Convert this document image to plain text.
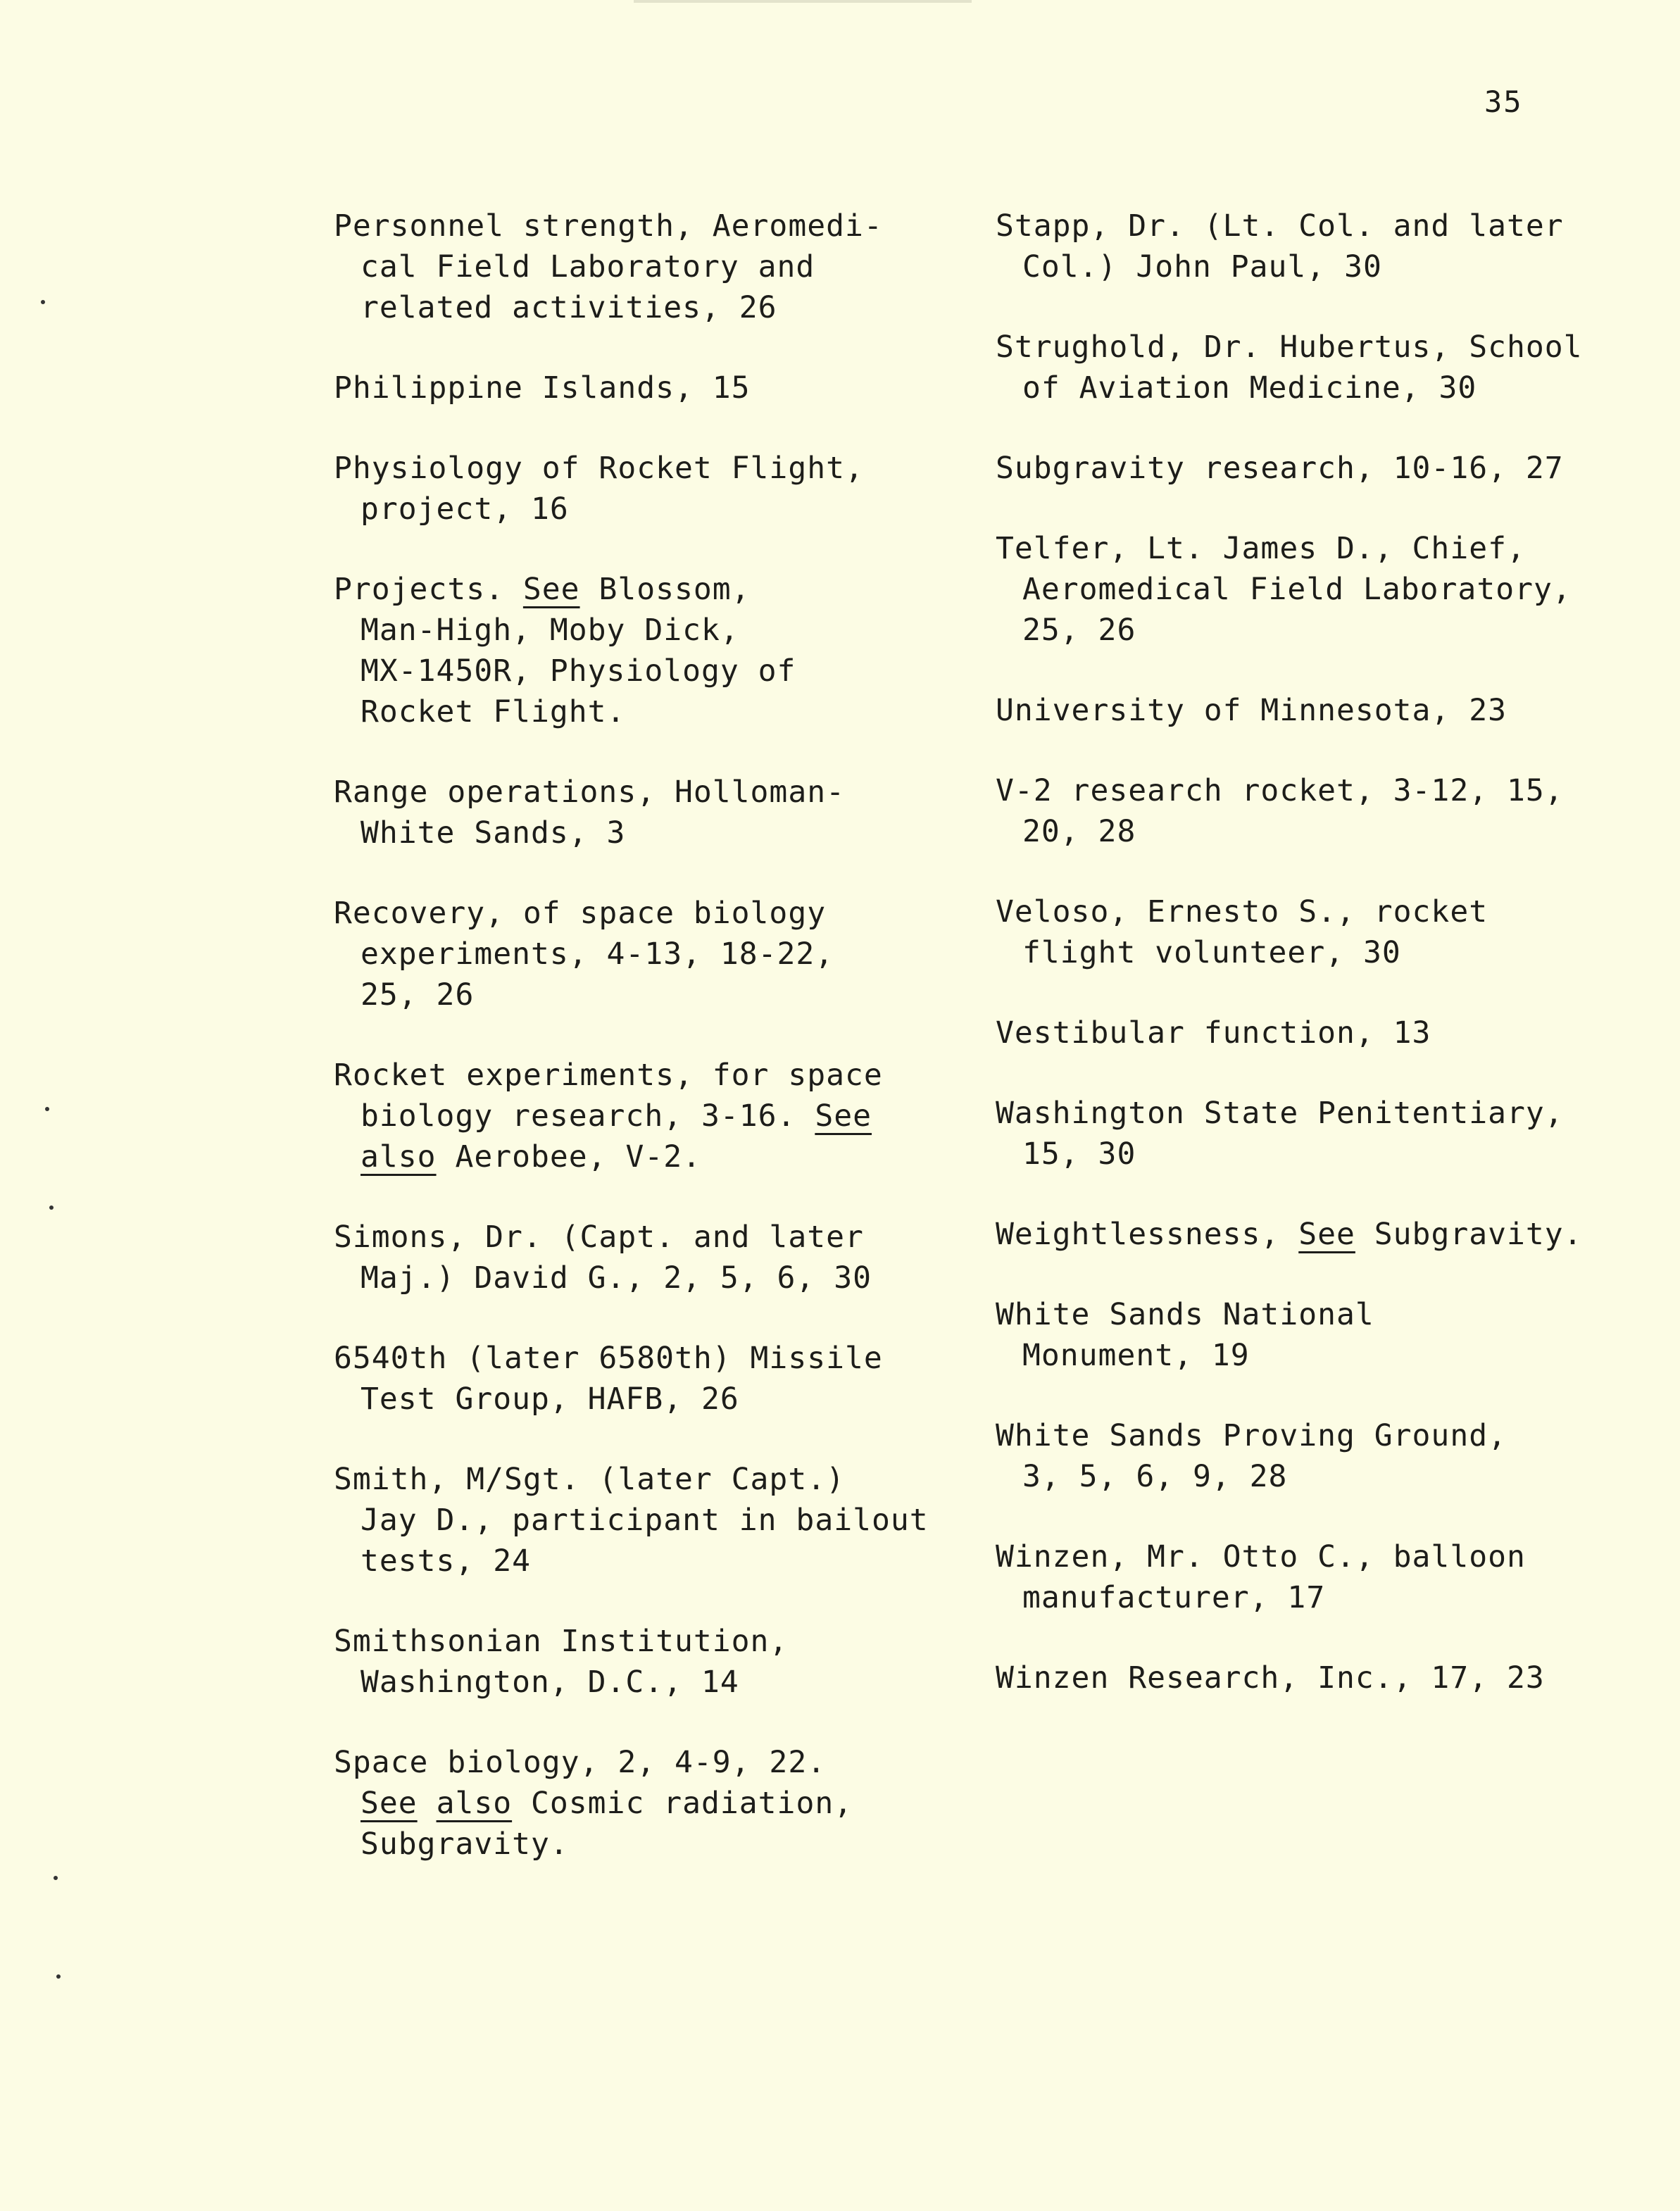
35

Personnel strength, Aeromedi-
cal Field Laboratory and
related activities, 26

Philippine Islands, 15

Physiology of Rocket Flight,
project, 16

Projects. See Blossom,
Man-High, Moby Dick,
MX-1450R, Physiology of
Rocket Flight.

Range operations, Holloman-
White Sands, 3

Recovery, of space biology
experiments, 4-13, 18-22,
25, 26

Rocket experiments, for space
biology research, 3-16. See
also Aerobee, V-2.

Simons, Dr. (Capt. and later
Maj.) David G., 2, 5, 6, 30

6540th (later 6580th) Missile
Test Group, HAFB, 26

Smith, M/Sgt. (later Capt.)
Jay D., participant in bailout
tests, 24

Smithsonian Institution,
Washington, D.C., 14

Space biology, 2, 4-9, 22.
See also Cosmic radiation,
Subgravity.

Stapp, Dr. (Lt. Col. and later
Col.) John Paul, 30

Strughold, Dr. Hubertus, School
of Aviation Medicine, 30

Subgravity research, 10-16, 27

Telfer, Lt. James D., Chief,
Aeromedical Field Laboratory,
25, 26

University of Minnesota, 23

V-2 research rocket, 3-12, 15,
20, 28

Veloso, Ernesto S., rocket
flight volunteer, 30

Vestibular function, 13

Washington State Penitentiary,
15, 30

Weightlessness, See Subgravity.

White Sands National
Monument, 19

White Sands Proving Ground,
3, 5, 6, 9, 28

Winzen, Mr. Otto C., balloon
manufacturer, 17

Winzen Research, Inc., 17, 23
